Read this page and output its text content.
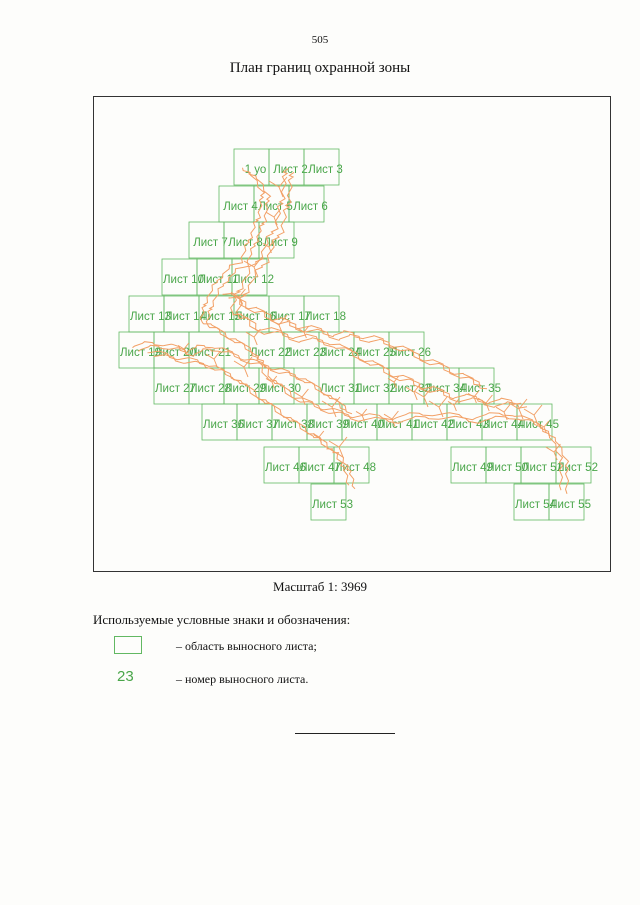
505
План границ охранной зоны
1 уо Лист 2 Лист 3
Лист 4 Лист 5 Лист 6
Лист 7 Лист 8 Лист 9
Лист 10
Лист 11
Лист 12
Лист 13
Лист 14
Лист 15
Лист 16
Лист 17
Лист 18
Лист 19
Лист 20
Лист 21 Лист 22
Лист 23
Лист 24
Лист 25
Лист 26
Лист 27
Лист 28
Лист 29
Лист 30 Лист 31
Лист 32
Лист 33
Лист 34
Лист 35
Лист 36
Лист 37
Лист 38
Лист 39
Лист 40
Лист 41
Лист 42
Лист 43
Лист 44
Лист 45
Лист 46
Лист 47
Лист 48	Лист 49
Лист 50
Лист 51
Лист 52
Лист 53	Лист 54
Лист 55
Масштаб 1: 3969
Используемые условные знаки и обозначения:
– область выносного листа;
23	– номер выносного листа.
